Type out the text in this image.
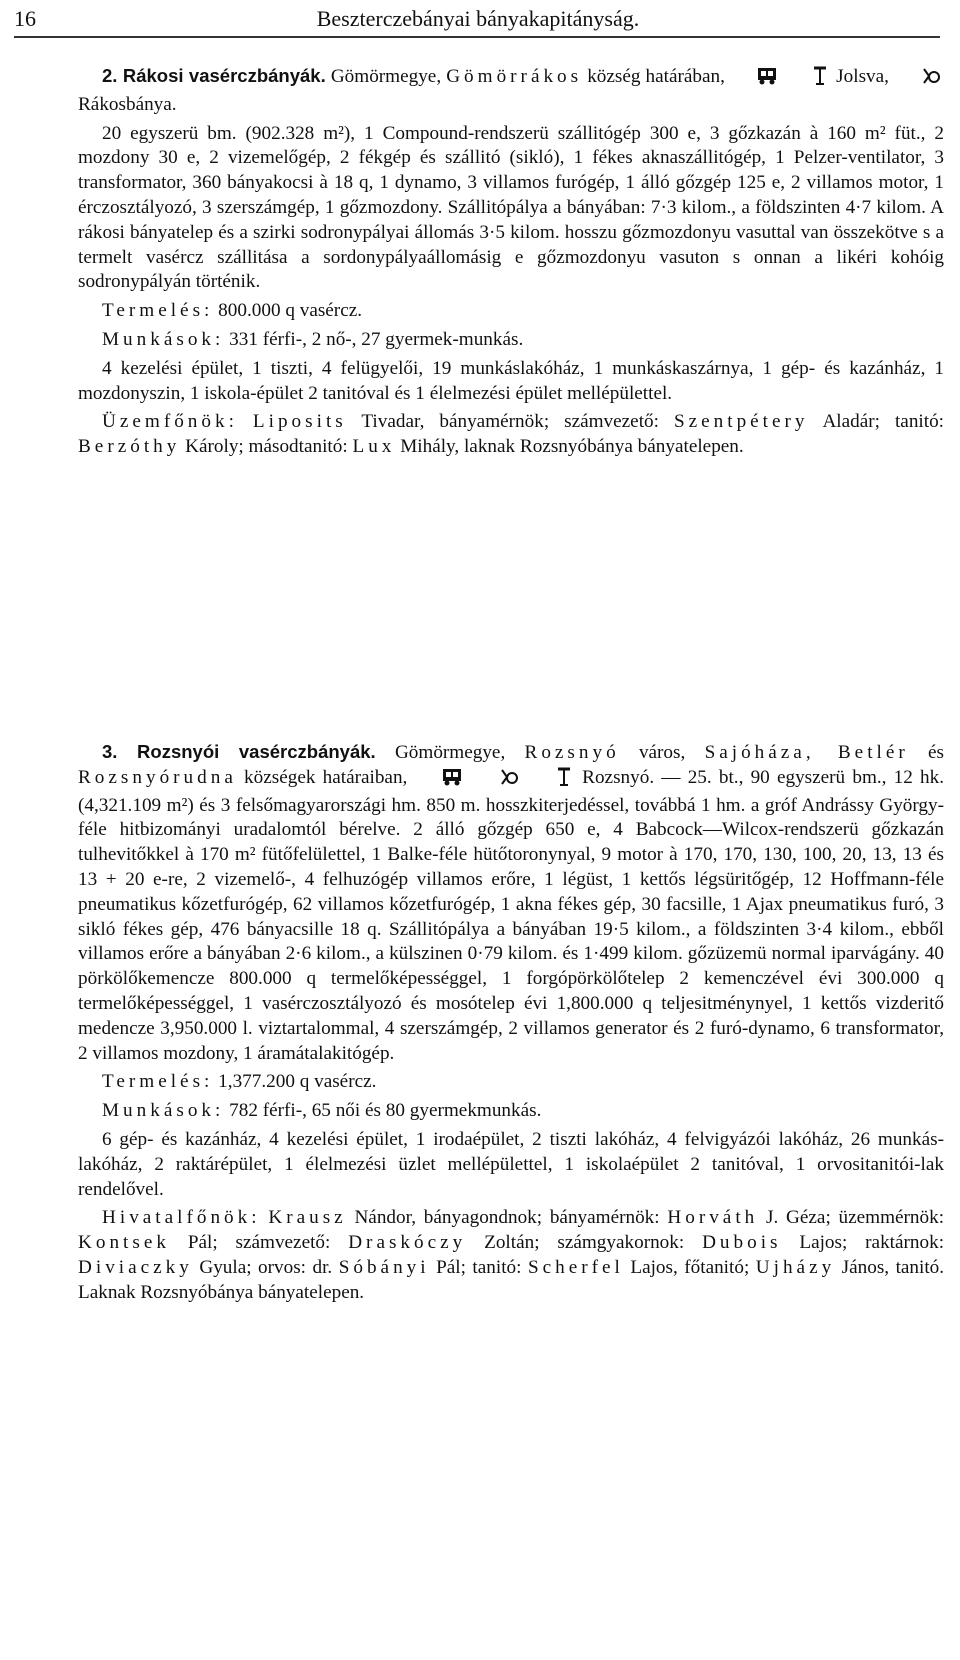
16	Beszterczebányai bányakapitányság.

2. Rákosi vasérczbányák. Gömörmegye, Gömörrákos község határában,	Jolsva,  Rákosbánya.

20 egyszerü bm. (902.328 m²), 1 Compound-rendszerü szállitógép 300 e, 3 gőzkazán à 160 m² füt., 2 mozdony 30 e, 2 vizemelőgép, 2 fékgép és szállitó (sikló), 1 fékes aknaszállitógép, 1 Pelzer-ventilator, 3 transformator, 360 bányakocsi à 18 q, 1 dynamo, 3 villamos furógép, 1 álló gőzgép 125 e, 2 villamos motor, 1 érczosztályozó, 3 szerszámgép, 1 gőzmozdony. Szállitópálya a bányában: 7·3 kilom., a földszinten 4·7 kilom. A rákosi bányatelep és a szirki sodronypályai állomás 3·5 kilom. hosszu gőzmozdonyu vasuttal van összekötve s a termelt vasércz szállitása a sordonypályaállomásig e gőzmozdonyu vasuton s onnan a likéri kohóig sodronypályán történik.

Termelés: 800.000 q vasércz.

Munkások: 331 férfi-, 2 nő-, 27 gyermek-munkás.

4 kezelési épület, 1 tiszti, 4 felügyelői, 19 munkáslakóház, 1 munkáskaszárnya, 1 gép- és kazánház, 1 mozdonyszin, 1 iskola-épület 2 tanitóval és 1 élelmezési épület mellépülettel.

Üzemfőnök: Liposits Tivadar, bányamérnök; számvezető: Szentpétery Aladár; tanitó: Berzóthy Károly; másodtanitó: Lux Mihály, laknak Rozsnyóbánya bányatelepen.

3. Rozsnyói vasérczbányák. Gömörmegye, Rozsnyó város, Sajóháza, Betlér és Rozsnyórudna községek határaiban,	Rozsnyó. — 25. bt., 90 egyszerü bm., 12 hk. (4,321.109 m²) és 3 felsőmagyarországi hm. 850 m. hosszkiterjedéssel, továbbá 1 hm. a gróf Andrássy György-féle hitbizományi uradalomtól bérelve. 2 álló gőzgép 650 e, 4 Babcock—Wilcox-rendszerü gőzkazán tulhevitőkkel à 170 m² fütőfelülettel, 1 Balke-féle hütőtoronynyal, 9 motor à 170, 170, 130, 100, 20, 13, 13 és 13 + 20 e-re, 2 vizemelő-, 4 felhuzógép villamos erőre, 1 légüst, 1 kettős légsüritőgép, 12 Hoffmann-féle pneumatikus kőzetfurógép, 62 villamos kőzetfurógép, 1 akna fékes gép, 30 facsille, 1 Ajax pneumatikus furó, 3 sikló fékes gép, 476 bányacsille 18 q. Szállitópálya a bányában 19·5 kilom., a földszinten 3·4 kilom., ebből villamos erőre a bányában 2·6 kilom., a külszinen 0·79 kilom. és 1·499 kilom. gőzüzemü normal iparvágány. 40 pörkölőkemencze 800.000 q termelőképességgel, 1 forgópörkölőtelep 2 kemenczével évi 300.000 q termelőképességgel, 1 vasérczosztályozó és mosótelep évi 1,800.000 q teljesitménynyel, 1 kettős vizderitő medencze 3,950.000 l. viztartalommal, 4 szerszámgép, 2 villamos generator és 2 furó-dynamo, 6 transformator, 2 villamos mozdony, 1 áramátalakitógép.

Termelés: 1,377.200 q vasércz.

Munkások: 782 férfi-, 65 női és 80 gyermekmunkás.

6 gép- és kazánház, 4 kezelési épület, 1 irodaépület, 2 tiszti lakóház, 4 felvigyázói lakóház, 26 munkás-lakóház, 2 raktárépület, 1 élelmezési üzlet mellépülettel, 1 iskolaépület 2 tanitóval, 1 orvositanitói-lak rendelővel.

Hivatalfőnök: Krausz Nándor, bányagondnok; bányamérnök: Horváth J. Géza; üzemmérnök: Kontsek Pál; számvezető: Draskóczy Zoltán; számgyakornok: Dubois Lajos; raktárnok: Diviaczky Gyula; orvos: dr. Sóbányi Pál; tanitó: Scherfel Lajos, főtanitó; Ujházy János, tanitó. Laknak Rozsnyóbánya bányatelepen.
